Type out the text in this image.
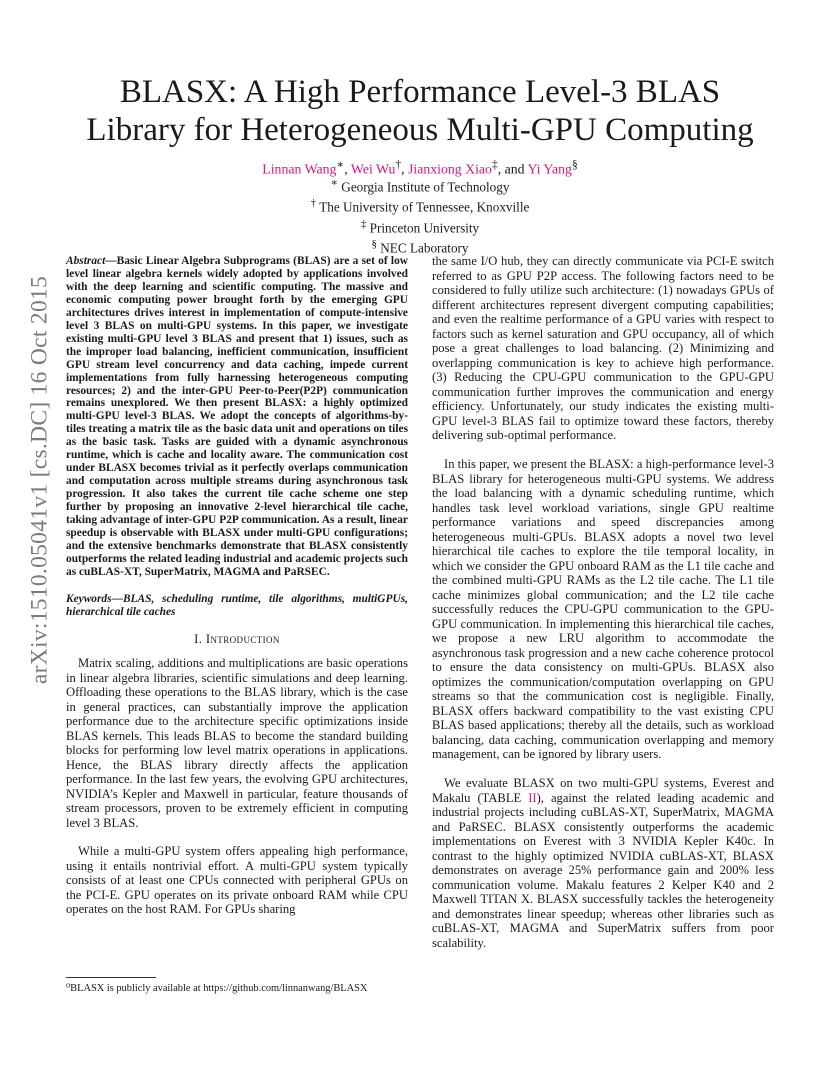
arXiv:1510.05041v1 [cs.DC] 16 Oct 2015
BLASX: A High Performance Level-3 BLAS
Library for Heterogeneous Multi-GPU Computing
Linnan Wang∗, Wei Wu†, Jianxiong Xiao‡, and Yi Yang§
∗ Georgia Institute of Technology
† The University of Tennessee, Knoxville
‡ Princeton University
§ NEC Laboratory

Abstract—Basic Linear Algebra Subprograms (BLAS) are a set of low level linear algebra kernels widely adopted by applications involved with the deep learning and scientific computing. The massive and economic computing power brought forth by the emerging GPU architectures drives interest in implementation of compute-intensive level 3 BLAS on multi-GPU systems. In this paper, we investigate existing multi-GPU level 3 BLAS and present that 1) issues, such as the improper load balancing, inefficient communication, insufficient GPU stream level concurrency and data caching, impede current implementations from fully harnessing heterogeneous computing resources; 2) and the inter-GPU Peer-to-Peer(P2P) communication remains unexplored. We then present BLASX: a highly optimized multi-GPU level-3 BLAS. We adopt the concepts of algorithms-by-tiles treating a matrix tile as the basic data unit and operations on tiles as the basic task. Tasks are guided with a dynamic asynchronous runtime, which is cache and locality aware. The communication cost under BLASX becomes trivial as it perfectly overlaps communication and computation across multiple streams during asynchronous task progression. It also takes the current tile cache scheme one step further by proposing an innovative 2-level hierarchical tile cache, taking advantage of inter-GPU P2P communication. As a result, linear speedup is observable with BLASX under multi-GPU configurations; and the extensive benchmarks demonstrate that BLASX consistently outperforms the related leading industrial and academic projects such as cuBLAS-XT, SuperMatrix, MAGMA and PaRSEC.

Keywords—BLAS, scheduling runtime, tile algorithms, multiGPUs, hierarchical tile caches

I. Introduction

Matrix scaling, additions and multiplications are basic operations in linear algebra libraries, scientific simulations and deep learning. Offloading these operations to the BLAS library, which is the case in general practices, can substantially improve the application performance due to the architecture specific optimizations inside BLAS kernels. This leads BLAS to become the standard building blocks for performing low level matrix operations in applications. Hence, the BLAS library directly affects the application performance. In the last few years, the evolving GPU architectures, NVIDIA’s Kepler and Maxwell in particular, feature thousands of stream processors, proven to be extremely efficient in computing level 3 BLAS.

While a multi-GPU system offers appealing high performance, using it entails nontrivial effort. A multi-GPU system typically consists of at least one CPUs connected with peripheral GPUs on the PCI-E. GPU operates on its private onboard RAM while CPU operates on the host RAM. For GPUs sharing

⁰BLASX is publicly available at https://github.com/linnanwang/BLASX

the same I/O hub, they can directly communicate via PCI-E switch referred to as GPU P2P access. The following factors need to be considered to fully utilize such architecture: (1) nowadays GPUs of different architectures represent divergent computing capabilities; and even the realtime performance of a GPU varies with respect to factors such as kernel saturation and GPU occupancy, all of which pose a great challenges to load balancing. (2) Minimizing and overlapping communication is key to achieve high performance. (3) Reducing the CPU-GPU communication to the GPU-GPU communication further improves the communication and energy efficiency. Unfortunately, our study indicates the existing multi-GPU level-3 BLAS fail to optimize toward these factors, thereby delivering sub-optimal performance.

In this paper, we present the BLASX: a high-performance level-3 BLAS library for heterogeneous multi-GPU systems. We address the load balancing with a dynamic scheduling runtime, which handles task level workload variations, single GPU realtime performance variations and speed discrepancies among heterogeneous multi-GPUs. BLASX adopts a novel two level hierarchical tile caches to explore the tile temporal locality, in which we consider the GPU onboard RAM as the L1 tile cache and the combined multi-GPU RAMs as the L2 tile cache. The L1 tile cache minimizes global communication; and the L2 tile cache successfully reduces the CPU-GPU communication to the GPU-GPU communication. In implementing this hierarchical tile caches, we propose a new LRU algorithm to accommodate the asynchronous task progression and a new cache coherence protocol to ensure the data consistency on multi-GPUs. BLASX also optimizes the communication/computation overlapping on GPU streams so that the communication cost is negligible. Finally, BLASX offers backward compatibility to the vast existing CPU BLAS based applications; thereby all the details, such as workload balancing, data caching, communication overlapping and memory management, can be ignored by library users.

We evaluate BLASX on two multi-GPU systems, Everest and Makalu (TABLE II), against the related leading academic and industrial projects including cuBLAS-XT, SuperMatrix, MAGMA and PaRSEC. BLASX consistently outperforms the academic implementations on Everest with 3 NVIDIA Kepler K40c. In contrast to the highly optimized NVIDIA cuBLAS-XT, BLASX demonstrates on average 25% performance gain and 200% less communication volume. Makalu features 2 Kelper K40 and 2 Maxwell TITAN X. BLASX successfully tackles the heterogeneity and demonstrates linear speedup; whereas other libraries such as cuBLAS-XT, MAGMA and SuperMatrix suffers from poor scalability.
